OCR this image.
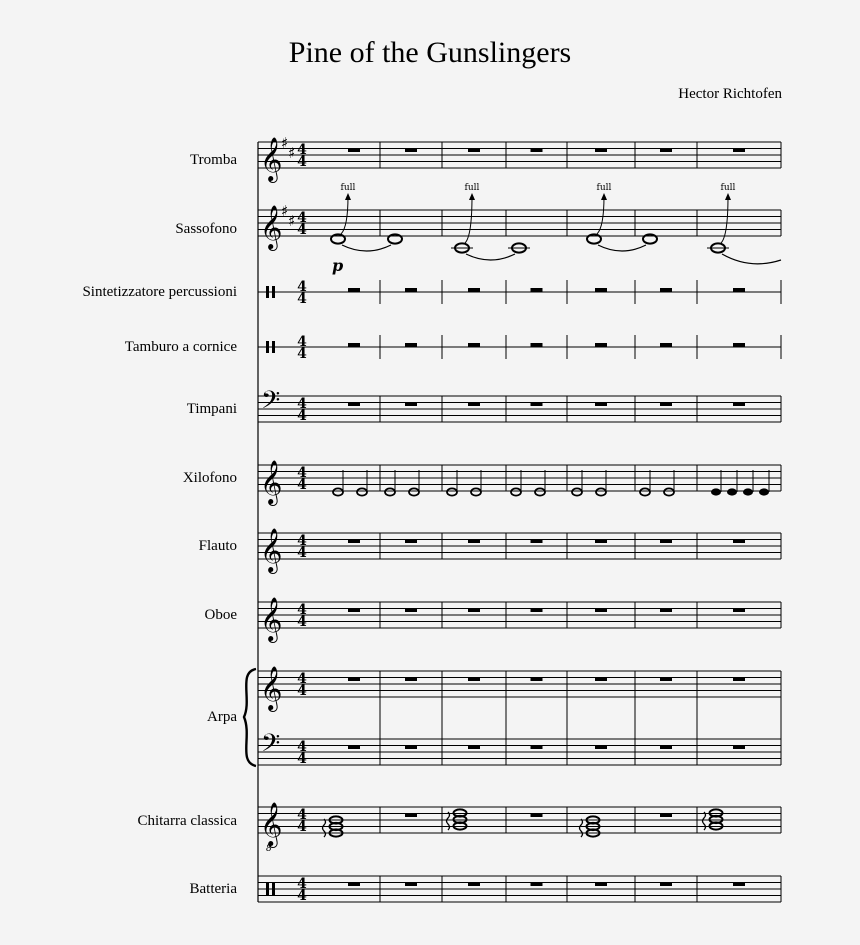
Pine of the Gunslingers
Hector Richtofen
Tromba
Sassofono
Sintetizzatore percussioni
Tamburo a cornice
Timpani
Xilofono
Flauto
Oboe
Arpa
Chitarra classica
Batteria
𝄞
♯
♯ 4
4
𝄞
♯
♯ 4
4
4
4
4
4
𝄢 4
4
𝄞 4
4
𝄞 4
4
𝄞 4
4
𝄞 4
4
𝄢 4
4
𝄞 4
4
4
4
8
full	full	full	full
p
